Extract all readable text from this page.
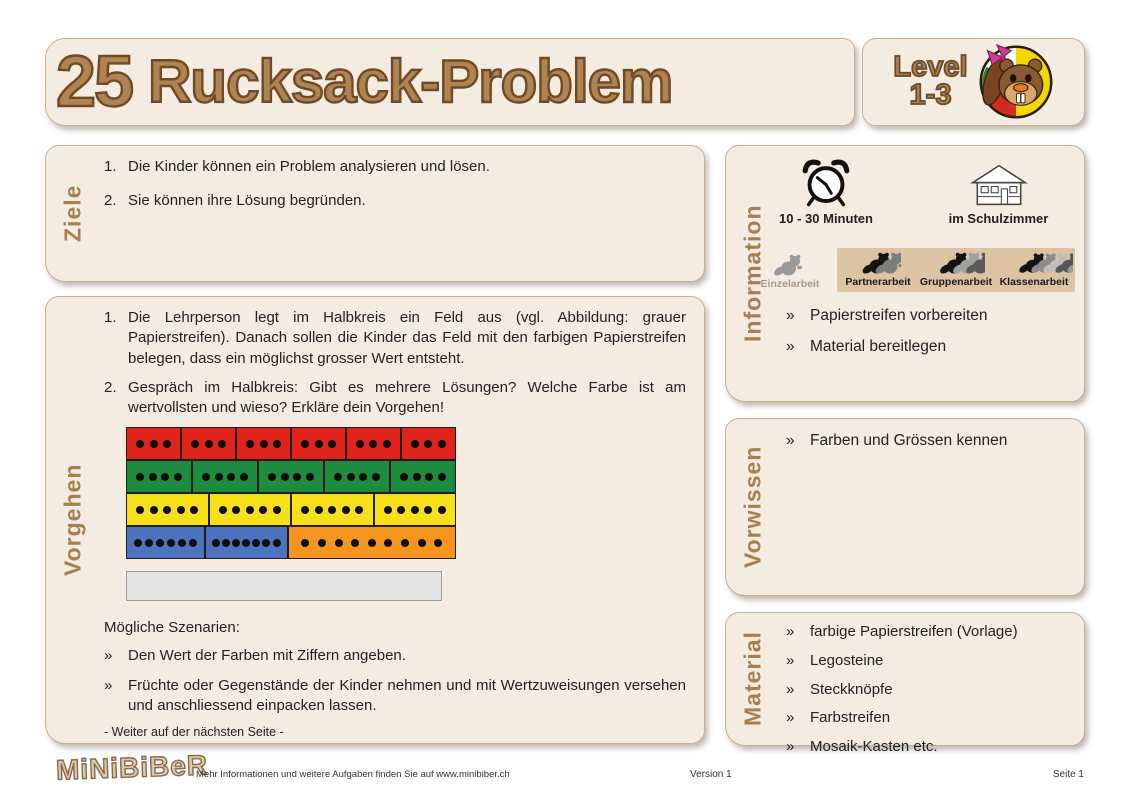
25 Rucksack-Problem	Level
1-3
Ziele
1. Die Kinder können ein Problem analysieren und lösen.
2. Sie können ihre Lösung begründen.
Vorgehen
1. Die Lehrperson legt im Halbkreis ein Feld aus (vgl. Abbildung: grauer Papierstreifen). Danach sollen die Kinder das Feld mit den farbigen Papierstreifen belegen, dass ein möglichst grosser Wert entsteht.
2. Gespräch im Halbkreis: Gibt es mehrere Lösungen? Welche Farbe ist am wertvollsten und wieso? Erkläre dein Vorgehen!
Mögliche Szenarien:
»	Den Wert der Farben mit Ziffern angeben.
»	Früchte oder Gegenstände der Kinder nehmen und mit Wertzuweisungen versehen und anschliessend einpacken lassen.
- Weiter auf der nächsten Seite -
Information	10 - 30 Minuten	im Schulzimmer
Einzelarbeit Partnerarbeit Gruppenarbeit Klassenarbeit
» Papierstreifen vorbereiten
» Material bereitlegen
Vorwissen
» Farben und Grössen kennen
Material
»	farbige Papierstreifen (Vorlage)
»	Legosteine
»	Steckknöpfe
»	Farbstreifen
»	Mosaik-Kasten etc.
MiNiBiBeR
Mehr Informationen und weitere Aufgaben finden Sie auf www.minibiber.ch	Version 1	Seite 1
